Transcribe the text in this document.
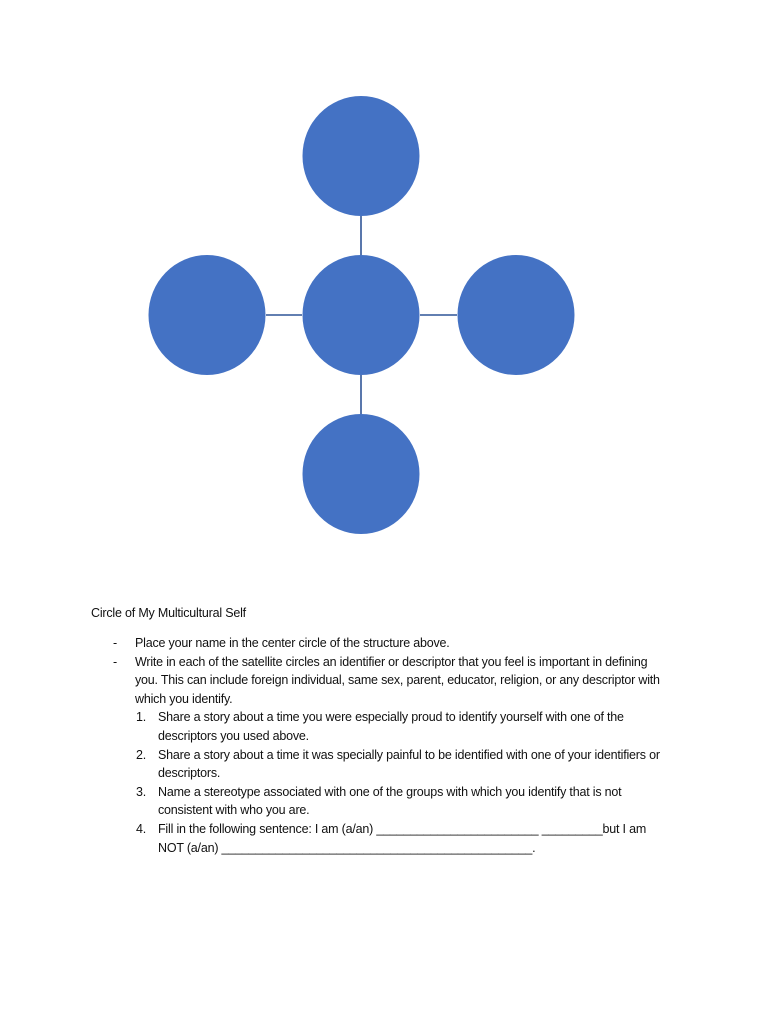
Circle of My Multicultural Self
- Place your name in the center circle of the structure above.
- Write in each of the satellite circles an identifier or descriptor that you feel is important in defining you. This can include foreign individual, same sex, parent, educator, religion, or any descriptor with which you identify.
1. Share a story about a time you were especially proud to identify yourself with one of the descriptors you used above.
2. Share a story about a time it was specially painful to be identified with one of your identifiers or descriptors.
3. Name a stereotype associated with one of the groups with which you identify that is not consistent with who you are.
4. Fill in the following sentence: I am (a/an) ________________________ _________but I am NOT (a/an) ______________________________________________.
